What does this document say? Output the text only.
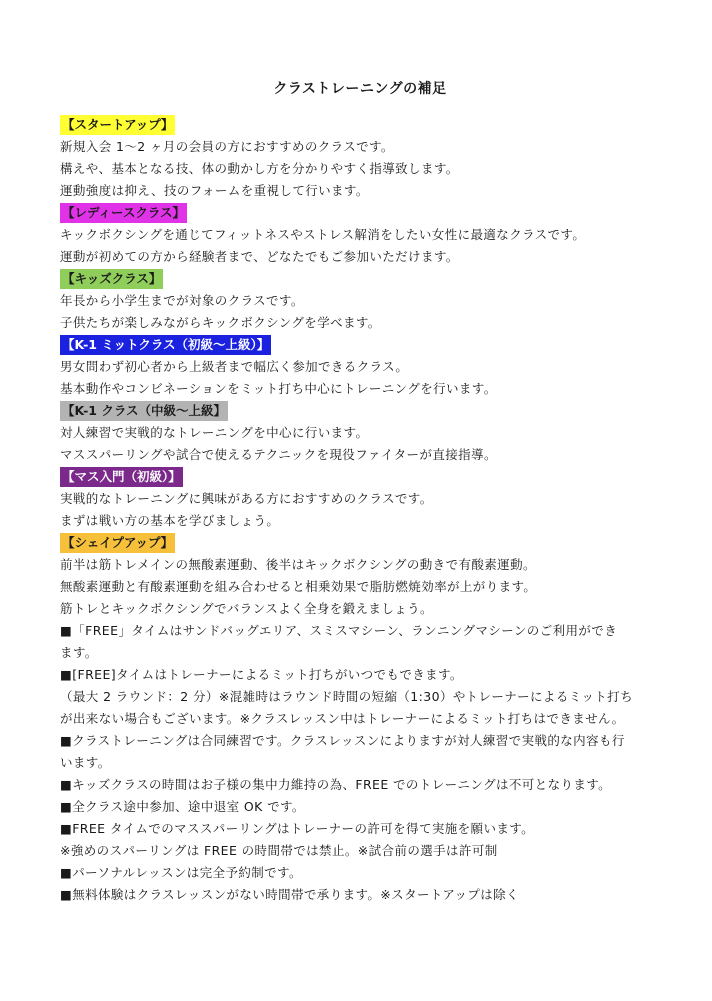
クラストレーニングの補足
【スタートアップ】
新規入会 1～2 ヶ月の会員の方におすすめのクラスです。
構えや、基本となる技、体の動かし方を分かりやすく指導致します。
運動強度は抑え、技のフォームを重視して行います。
【レディースクラス】
キックボクシングを通じてフィットネスやストレス解消をしたい女性に最適なクラスです。
運動が初めての方から経験者まで、どなたでもご参加いただけます。
【キッズクラス】
年長から小学生までが対象のクラスです。
子供たちが楽しみながらキックボクシングを学べます。
【K-1 ミットクラス（初級～上級）】
男女問わず初心者から上級者まで幅広く参加できるクラス。
基本動作やコンビネーションをミット打ち中心にトレーニングを行います。
【K-1 クラス（中級～上級】
対人練習で実戦的なトレーニングを中心に行います。
マススパーリングや試合で使えるテクニックを現役ファイターが直接指導。
【マス入門（初級）】
実戦的なトレーニングに興味がある方におすすめのクラスです。
まずは戦い方の基本を学びましょう。
【シェイプアップ】
前半は筋トレメインの無酸素運動、後半はキックボクシングの動きで有酸素運動。
無酸素運動と有酸素運動を組み合わせると相乗効果で脂肪燃焼効率が上がります。
筋トレとキックボクシングでバランスよく全身を鍛えましょう。
■「FREE」タイムはサンドバッグエリア、スミスマシーン、ランニングマシーンのご利用ができ
ます。
■[FREE]タイムはトレーナーによるミット打ちがいつでもできます。
（最大 2 ラウンド：2 分）※混雑時はラウンド時間の短縮（1:30）やトレーナーによるミット打ち
が出来ない場合もございます。※クラスレッスン中はトレーナーによるミット打ちはできません。
■クラストレーニングは合同練習です。クラスレッスンによりますが対人練習で実戦的な内容も行
います。
■キッズクラスの時間はお子様の集中力維持の為、FREE でのトレーニングは不可となります。
■全クラス途中参加、途中退室 OK です。
■FREE タイムでのマススパーリングはトレーナーの許可を得て実施を願います。
※強めのスパーリングは FREE の時間帯では禁止。※試合前の選手は許可制
■パーソナルレッスンは完全予約制です。
■無料体験はクラスレッスンがない時間帯で承ります。※スタートアップは除く
